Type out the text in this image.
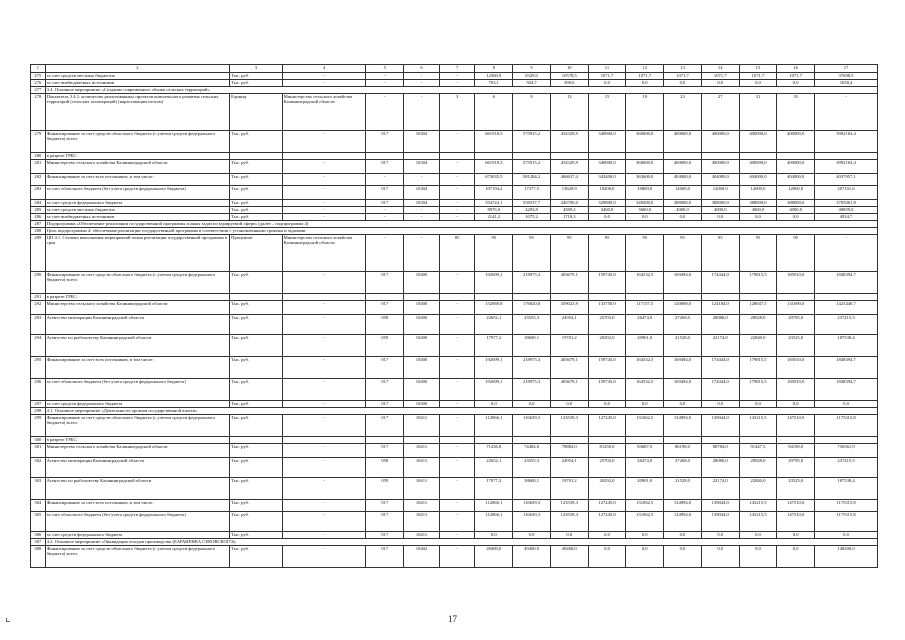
1	2	3	4	5	6	7	8	9	10	11	12	13	14	15	16	17
275	за счет средств местных бюджетов	Тыс. руб.	-	-	-	-	12360,9	8329,0	10578,5	1071,7	1071,7	1071,7	1071,7	1071,7	1071,7	37698,5
276	за счет внебюджетных источников	Тыс. руб.	-	-	-	-	763,1	504,7	390,6	0,0	0,0	0,0	0,0	0,0	0,0	1658,4
277	3.4. Основное мероприятие «Создание современного облика сельских территорий»															
278	Показатель 3.4.1: количество реализованных проектов комплексного развития сельских территорий (сельских агломераций) (нарастающим итогом)	Единиц	Министерство сельского хозяйства Калининградской области	-	-	3	6	8	13	15	19	23	27	31	35	-
279	Финансирование за счет средств областного бюджета (с учетом средств федерального бюджета) всего:	Тыс. руб.	-	017	10304	-	661918,3	575915,2	454329,9	340000,0	360000,0	400000,0	400000,0	400000,0	400000,0	3992163,4
280	в разрезе ГРБС:															
281	Министерство сельского хозяйства Калининградской области	Тыс. руб.	-	017	10304	-	661918,3	575915,2	454329,9	340000,0	360000,0	400000,0	400000,0	400000,0	400000,0	3992163,4
282	Финансирование за счет всех источников, в том числе:	Тыс. руб.	-	-	-	-	673035,5	581284,2	460637,4	343400,0	363600,0	404000,0	404000,0	404000,0	404000,0	4037957,1
283	за счет областного бюджета (без учета средств федерального бюджета)	Тыс. руб.	-	017	10304	-	107194,2	17377,5	13629,9	10200,0	10800,0	12000,0	12000,0	12000,0	12000,0	207101,6
284	за счет средств федерального бюджета	Тыс. руб.	-	017	10304	-	554724,1	558537,7	440700,0	329800,0	349200,0	388000,0	388000,0	388000,0	388000,0	3785061,8
285	за счет средств местных бюджетов	Тыс. руб.	-	-	-	-	8976,0	4293,8	4589,2	3400,0	3600,0	4000,0	4000,0	4000,0	4000,0	40859,0
286	за счет внебюджетных источников	Тыс. руб.	-	-	-	-	2141,2	1075,2	1718,3	0,0	0,0	0,0	0,0	0,0	0,0	4934,7
287	Подпрограмма «Обеспечение реализации государственной программы и иных задач по курируемой сфере» (далее – подпрограмма 4)															
288	Цель подпрограммы 4: обеспечение реализации государственной программы в соответствии с установленными сроками и задачами															
289	ЦП 4.1. Степень выполнения мероприятий плана реализации государственной программы в срок	Процентов	Министерство сельского хозяйства Калининградской области	-	-	85	95	95	95	95	95	95	95	95	95	-
290	Финансирование за счет средств областного бюджета (с учетом средств федерального бюджета) всего:	Тыс. руб.	-	017	10400	-	192699,1	218975,3	403679,1	159745,0	164532,5	169494,0	174444,0	179815,5	185010,0	1848394,7
291	в разрезе ГРБС:															
292	Министерство сельского хозяйства Калининградской области	Тыс. руб.	-	017	10400	-	152069,8	176820,0	359023,9	133750,0	117157,5	120698,0	124184,0	128047,5	131690,0	1423440,7
293	Агентство мелиорации Калининградской области	Тыс. руб.	-	058	10400	-	22652,1	23555,3	24954,1	25703,0	26474,0	27268,0	28086,0	28928,0	29795,0	237415,5
294	Агентство по рыболовству Калининградской области	Тыс. руб.	-	059	10400	-	17977,2	18600,1	19701,2	20292,0	20901,0	21528,0	22174,0	22840,0	23525,0	187538,4
295	Финансирование за счет всех источников, в том числе:	Тыс. руб.	-	017	10400	-	192699,1	218975,3	403679,1	159745,0	164532,5	169494,0	174444,0	179815,5	185010,0	1848394,7
296	за счет областного бюджета (без учета средств федерального бюджета)	Тыс. руб.	-	017	10400	-	192699,1	218975,3	403679,1	159745,0	164532,5	169494,0	174444,0	179815,5	185010,0	1848394,7
297	за счет средств федерального бюджета	Тыс. руб.	-	017	10400	-	0,0	0,0	0,0	0,0	0,0	0,0	0,0	0,0	0,0	0,0
298	4.1. Основное мероприятие «Деятельность органов государственной власти»															
299	Финансирование за счет средств областного бюджета (с учетом средств федерального бюджета) всего:	Тыс. руб.	-	017	10411	-	112066,1	116639,3	123539,3	127245,0	131062,5	134994,0	139044,0	143215,5	147510,0	1175315,8
300	в разрезе ГРБС:															
301	Министерство сельского хозяйства Калининградской области	Тыс. руб.	-	017	10411	-	71436,8	74484,0	78884,0	81250,0	83687,5	86198,0	88784,0	91447,5	94190,0	750361,9
302	Агентство мелиорации Калининградской области	Тыс. руб.	-	058	10411	-	22652,1	23555,3	24954,1	25703,0	26474,0	27268,0	28086,0	28928,0	29795,0	237415,5
303	Агентство по рыболовству Калининградской области	Тыс. руб.	-	059	10411	-	17977,2	18600,1	19701,2	20292,0	20901,0	21528,0	22174,0	22840,0	23525,0	187538,4
304	Финансирование за счет всех источников, в том числе:	Тыс. руб.	-	017	10411	-	112066,1	116639,3	123539,3	127245,0	131062,5	134994,0	139044,0	143215,5	147510,0	1175315,8
305	за счет областного бюджета (без учета средств федерального бюджета)	Тыс. руб.	-	017	10411	-	112066,1	116639,3	123539,3	127245,0	131062,5	134994,0	139044,0	143215,5	147510,0	1175315,8
306	за счет средств федерального бюджета	Тыс. руб.	-	017	10411	-	0,0	0,0	0,0	0,0	0,0	0,0	0,0	0,0	0,0	0,0
307	4.2. Основное мероприятие «Ликвидация отходов производства (БАРАНЕНКА СЕКОВСКОГО)»															
308	Финансирование за счет средств областного бюджета (с учетом средств федерального бюджета) всего:	Тыс. руб.	-	017	10402	-	49400,0	49400,0	49400,0	0,0	0,0	0,0	0,0	0,0	0,0	148200,0
17
